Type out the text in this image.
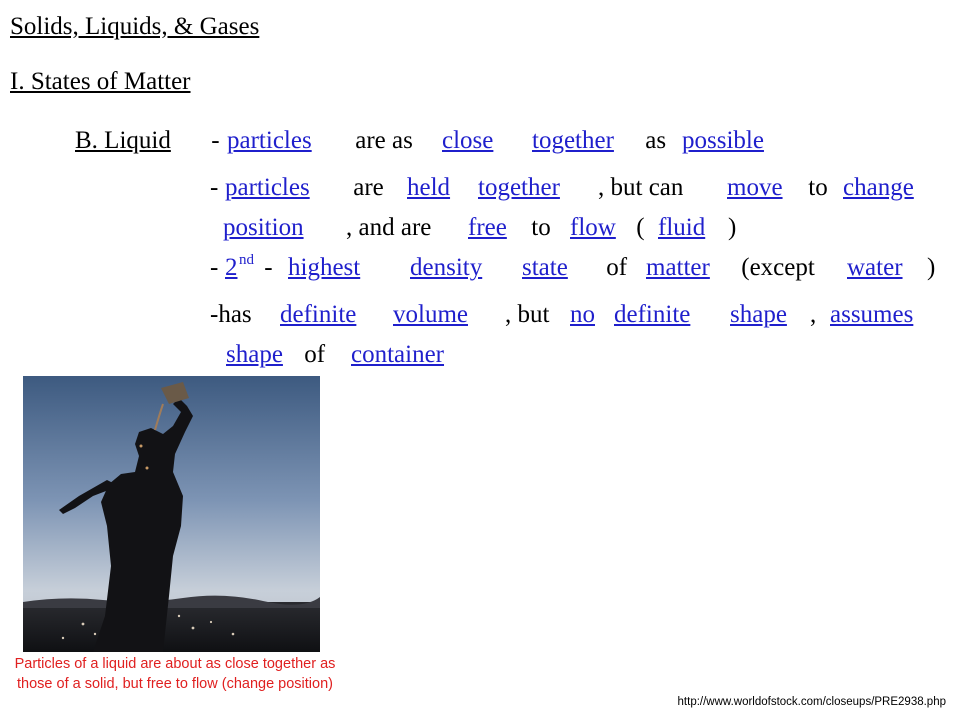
Solids, Liquids, & Gases
I. States of Matter
B. Liquid - particles are as close
together as possible
- particles are held
together , but can move to change
position , and are free to flow ( fluid )
- 2 nd - highest
density
state of matter (except water )
-has definite
volume , but no
definite
shape , assumes
shape of container
Particles of a liquid are about as close together as those of a solid, but free to flow (change position)
http://www.worldofstock.com/closeups/PRE2938.php
